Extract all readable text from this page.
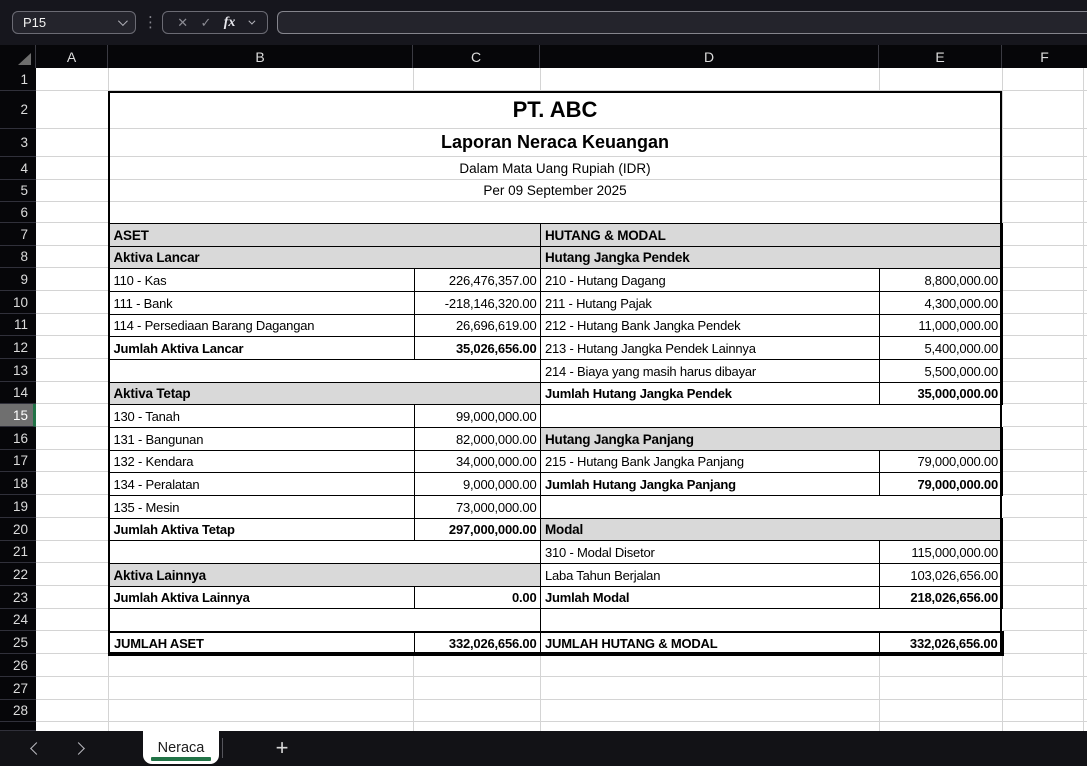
P15	⋮ ✕ ✓ fx
A	B	C	D	E	F
1
2
3
4
5
6
7
8
9
10
11
12
13
14
15
16
17
18
19
20
21
22
23
24
25
26
27
28
PT. ABC
Laporan Neraca Keuangan
Dalam Mata Uang Rupiah (IDR)
Per 09 September 2025
ASET	
Aktiva Lancar	
110 - Kas	226,476,357.00
111 - Bank	-218,146,320.00
114 - Persediaan Barang Dagangan	26,696,619.00
Jumlah Aktiva Lancar	35,026,656.00

Aktiva Tetap	
130 - Tanah	99,000,000.00
131 - Bangunan	82,000,000.00
132 - Kendara	34,000,000.00
134 - Peralatan	9,000,000.00
135 - Mesin	73,000,000.00
Jumlah Aktiva Tetap	297,000,000.00

Aktiva Lainnya	
Jumlah Aktiva Lainnya	0.00

JUMLAH ASET	332,026,656.00
HUTANG & MODAL	
Hutang Jangka Pendek	
210 - Hutang Dagang	8,800,000.00
211 - Hutang Pajak	4,300,000.00
212 - Hutang Bank Jangka Pendek	11,000,000.00
213 - Hutang Jangka Pendek Lainnya	5,400,000.00
214 - Biaya yang masih harus dibayar	5,500,000.00
Jumlah Hutang Jangka Pendek	35,000,000.00

Hutang Jangka Panjang	
215 - Hutang Bank Jangka Panjang	79,000,000.00
Jumlah Hutang Jangka Panjang	79,000,000.00

Modal	
310 - Modal Disetor	115,000,000.00
Laba Tahun Berjalan	103,026,656.00
Jumlah Modal	218,026,656.00

JUMLAH HUTANG & MODAL	332,026,656.00
Neraca	+
